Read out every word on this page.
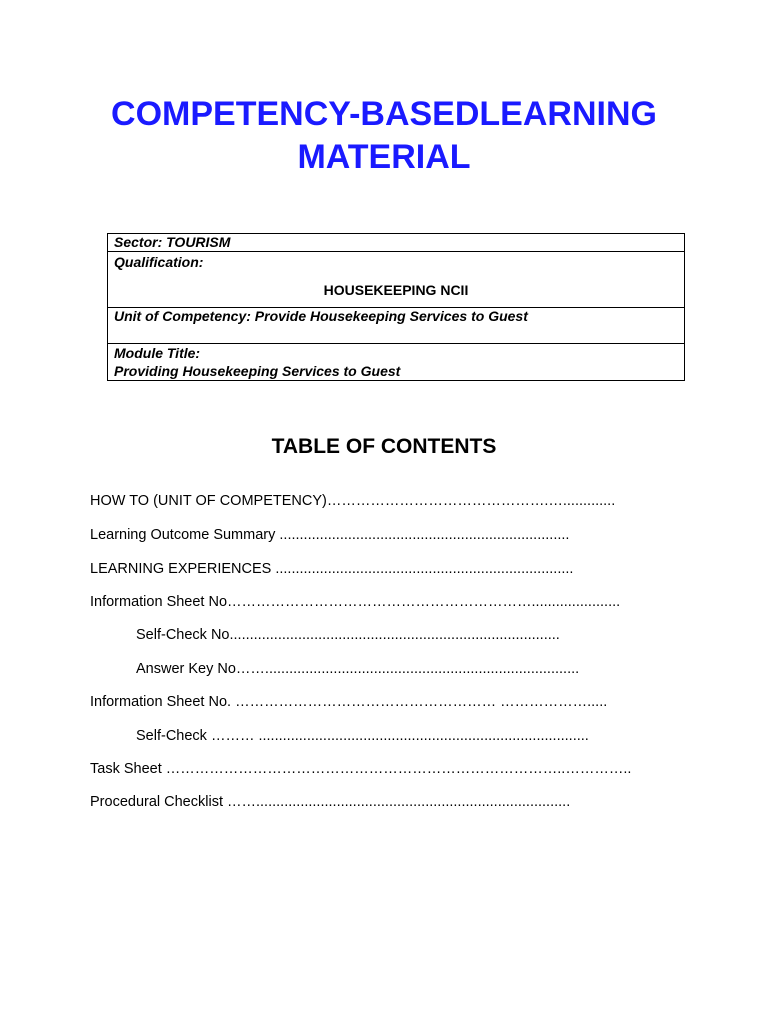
COMPETENCY-BASEDLEARNING
MATERIAL
Sector: TOURISM

Qualification:
HOUSEKEEPING NCII

Unit of Competency: Provide Housekeeping Services to Guest

Module Title:
Providing Housekeeping Services to Guest
TABLE OF CONTENTS
HOW TO (UNIT OF COMPETENCY)……………………………………….….............
Learning Outcome Summary ........................................................................
LEARNING EXPERIENCES ..........................................................................
Information Sheet No………………………………………………………......................
Self-Check No..................................................................................
Answer Key No……..............................................................................
Information Sheet No. ……………………………………………… ……………….....
Self-Check ……… ..................................................................................
Task Sheet ………………………………………………………………………..…………..
Procedural Checklist ……..............................................................................
